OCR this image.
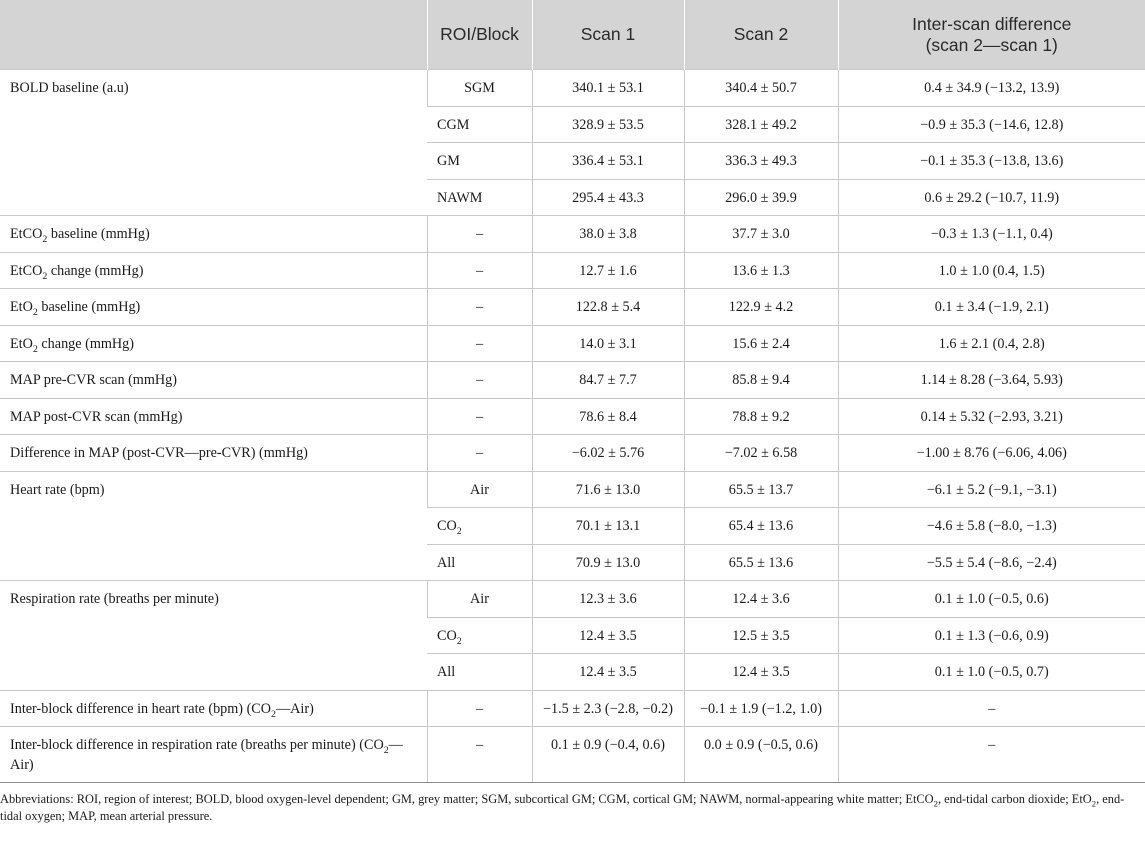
	ROI/Block	Scan 1	Scan 2	Inter-scan difference
(scan 2—scan 1)
BOLD baseline (a.u)	SGM	340.1 ± 53.1	340.4 ± 50.7	0.4 ± 34.9 (−13.2, 13.9)
	CGM	328.9 ± 53.5	328.1 ± 49.2	−0.9 ± 35.3 (−14.6, 12.8)
	GM	336.4 ± 53.1	336.3 ± 49.3	−0.1 ± 35.3 (−13.8, 13.6)
	NAWM	295.4 ± 43.3	296.0 ± 39.9	0.6 ± 29.2 (−10.7, 11.9)
EtCO$_2$ baseline (mmHg)	–	38.0 ± 3.8	37.7 ± 3.0	−0.3 ± 1.3 (−1.1, 0.4)
EtCO$_2$ change (mmHg)	–	12.7 ± 1.6	13.6 ± 1.3	1.0 ± 1.0 (0.4, 1.5)
EtO$_2$ baseline (mmHg)	–	122.8 ± 5.4	122.9 ± 4.2	0.1 ± 3.4 (−1.9, 2.1)
EtO$_2$ change (mmHg)	–	14.0 ± 3.1	15.6 ± 2.4	1.6 ± 2.1 (0.4, 2.8)
MAP pre-CVR scan (mmHg)	–	84.7 ± 7.7	85.8 ± 9.4	1.14 ± 8.28 (−3.64, 5.93)
MAP post-CVR scan (mmHg)	–	78.6 ± 8.4	78.8 ± 9.2	0.14 ± 5.32 (−2.93, 3.21)
Difference in MAP (post-CVR—pre-CVR) (mmHg)	–	−6.02 ± 5.76	−7.02 ± 6.58	−1.00 ± 8.76 (−6.06, 4.06)
Heart rate (bpm)	Air	71.6 ± 13.0	65.5 ± 13.7	−6.1 ± 5.2 (−9.1, −3.1)
	$CO_2$	70.1 ± 13.1	65.4 ± 13.6	−4.6 ± 5.8 (−8.0, −1.3)
	All	70.9 ± 13.0	65.5 ± 13.6	−5.5 ± 5.4 (−8.6, −2.4)
Respiration rate (breaths per minute)	Air	12.3 ± 3.6	12.4 ± 3.6	0.1 ± 1.0 (−0.5, 0.6)
	$CO_2$	12.4 ± 3.5	12.5 ± 3.5	0.1 ± 1.3 (−0.6, 0.9)
	All	12.4 ± 3.5	12.4 ± 3.5	0.1 ± 1.0 (−0.5, 0.7)
Inter-block difference in heart rate (bpm) $(CO_2—Air)$	–	−1.5 ± 2.3 (−2.8, −0.2)	−0.1 ± 1.9 (−1.2, 1.0)	–
Inter-block difference in respiration rate (breaths per minute) $(CO_2—Air)$	–	0.1 ± 0.9 (−0.4, 0.6)	0.0 ± 0.9 (−0.5, 0.6)	–
Abbreviations: ROI, region of interest; BOLD, blood oxygen-level dependent; GM, grey matter; SGM, subcortical GM; CGM, cortical GM; NAWM, normal-appearing white matter; EtCO$_2$, end-tidal carbon dioxide; EtO$_2$, end-tidal oxygen; MAP, mean arterial pressure.
